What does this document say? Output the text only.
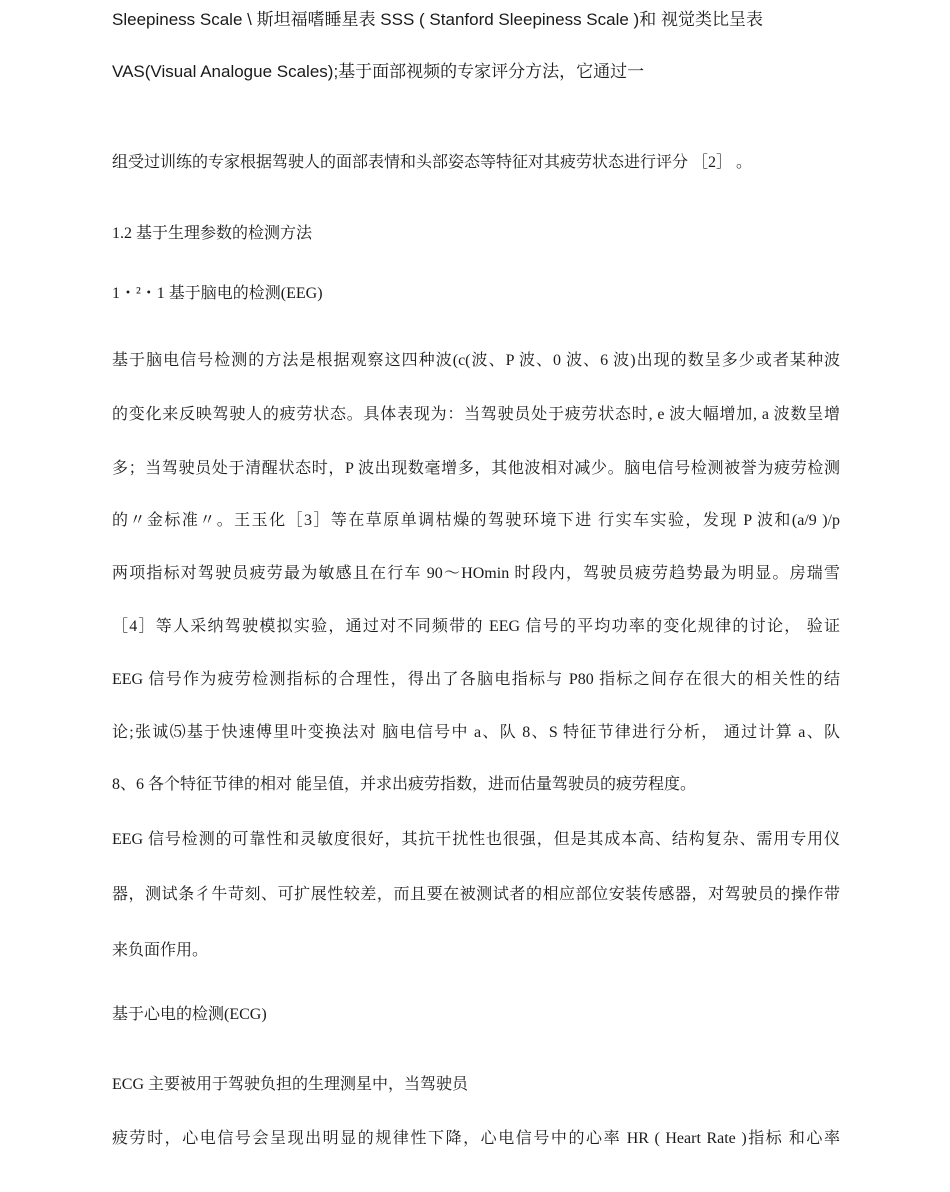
Sleepiness Scale \ 斯坦福嗜睡星表 SSS ( Stanford Sleepiness Scale )和 视觉类比呈表
VAS(Visual Analogue Scales);基于面部视频的专家评分方法，它通过一
组受过训练的专家根据驾驶人的面部表情和头部姿态等特征对其疲劳状态进行评分 ［2］ 。
1.2 基于生理参数的检测方法
1・²・1 基于脑电的检测(EEG)
基于脑电信号检测的方法是根据观察这四种波(c(波、P 波、0 波、6 波)出现的数呈多少或者某种波
的变化来反映驾驶人的疲劳状态。具体表现为：当驾驶员处于疲劳状态时, e 波大幅增加, a 波数呈增
多；当驾驶员处于清醒状态时，P 波出现数毫增多，其他波相对减少。脑电信号检测被誉为疲劳检测
的〃金标准〃。王玉化［3］等在草原单调枯燥的驾驶环境下进 行实车实验，发现 P 波和(a/9 )/p
两项指标对驾驶员疲劳最为敏感且在行车 90〜HOmin 时段内，驾驶员疲劳趋势最为明显。房瑞雪
［4］等人采纳驾驶模拟实验，通过对不同频带的 EEG 信号的平均功率的变化规律的讨论， 验证
EEG 信号作为疲劳检测指标的合理性，得出了各脑电指标与 P80 指标之间存在很大的相关性的结
论;张诚⑸基于快速傅里叶变换法对 脑电信号中 a、队 8、S 特征节律进行分析， 通过计算 a、队
8、6 各个特征节律的相对 能呈值，并求出疲劳指数，进而估量驾驶员的疲劳程度。
EEG 信号检测的可靠性和灵敏度很好，其抗干扰性也很强，但是其成本高、结构复杂、需用专用仪
器，测试条彳牛苛刻、可扩展性较差，而且要在被测试者的相应部位安装传感器，对驾驶员的操作带
来负面作用。
基于心电的检测(ECG)
ECG 主要被用于驾驶负担的生理测星中，当驾驶员
疲劳时，心电信号会呈现出明显的规律性下降，心电信号中的心率 HR ( Heart Rate )指标 和心率
